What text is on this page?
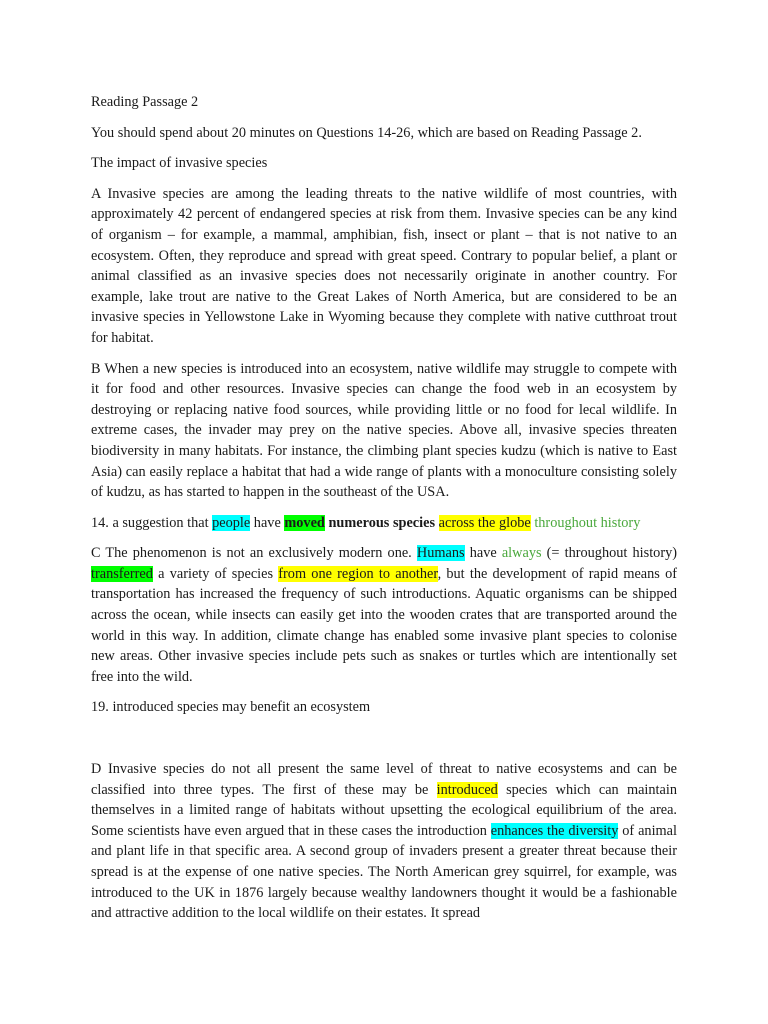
Reading Passage 2

You should spend about 20 minutes on Questions 14-26, which are based on Reading Passage 2.

The impact of invasive species

A Invasive species are among the leading threats to the native wildlife of most countries, with approximately 42 percent of endangered species at risk from them. Invasive species can be any kind of organism – for example, a mammal, amphibian, fish, insect or plant – that is not native to an ecosystem. Often, they reproduce and spread with great speed. Contrary to popular belief, a plant or animal classified as an invasive species does not necessarily originate in another country. For example, lake trout are native to the Great Lakes of North America, but are considered to be an invasive species in Yellowstone Lake in Wyoming because they complete with native cutthroat trout for habitat.

B When a new species is introduced into an ecosystem, native wildlife may struggle to compete with it for food and other resources. Invasive species can change the food web in an ecosystem by destroying or replacing native food sources, while providing little or no food for lecal wildlife. In extreme cases, the invader may prey on the native species. Above all, invasive species threaten biodiversity in many habitats. For instance, the climbing plant species kudzu (which is native to East Asia) can easily replace a habitat that had a wide range of plants with a monoculture consisting solely of kudzu, as has started to happen in the southeast of the USA.

14. a suggestion that people have moved numerous species across the globe throughout history

C The phenomenon is not an exclusively modern one. Humans have always (= throughout history) transferred a variety of species from one region to another, but the development of rapid means of transportation has increased the frequency of such introductions. Aquatic organisms can be shipped across the ocean, while insects can easily get into the wooden crates that are transported around the world in this way. In addition, climate change has enabled some invasive plant species to colonise new areas. Other invasive species include pets such as snakes or turtles which are intentionally set free into the wild.

19. introduced species may benefit an ecosystem

D Invasive species do not all present the same level of threat to native ecosystems and can be classified into three types. The first of these may be introduced species which can maintain themselves in a limited range of habitats without upsetting the ecological equilibrium of the area. Some scientists have even argued that in these cases the introduction enhances the diversity of animal and plant life in that specific area. A second group of invaders present a greater threat because their spread is at the expense of one native species. The North American grey squirrel, for example, was introduced to the UK in 1876 largely because wealthy landowners thought it would be a fashionable and attractive addition to the local wildlife on their estates. It spread
